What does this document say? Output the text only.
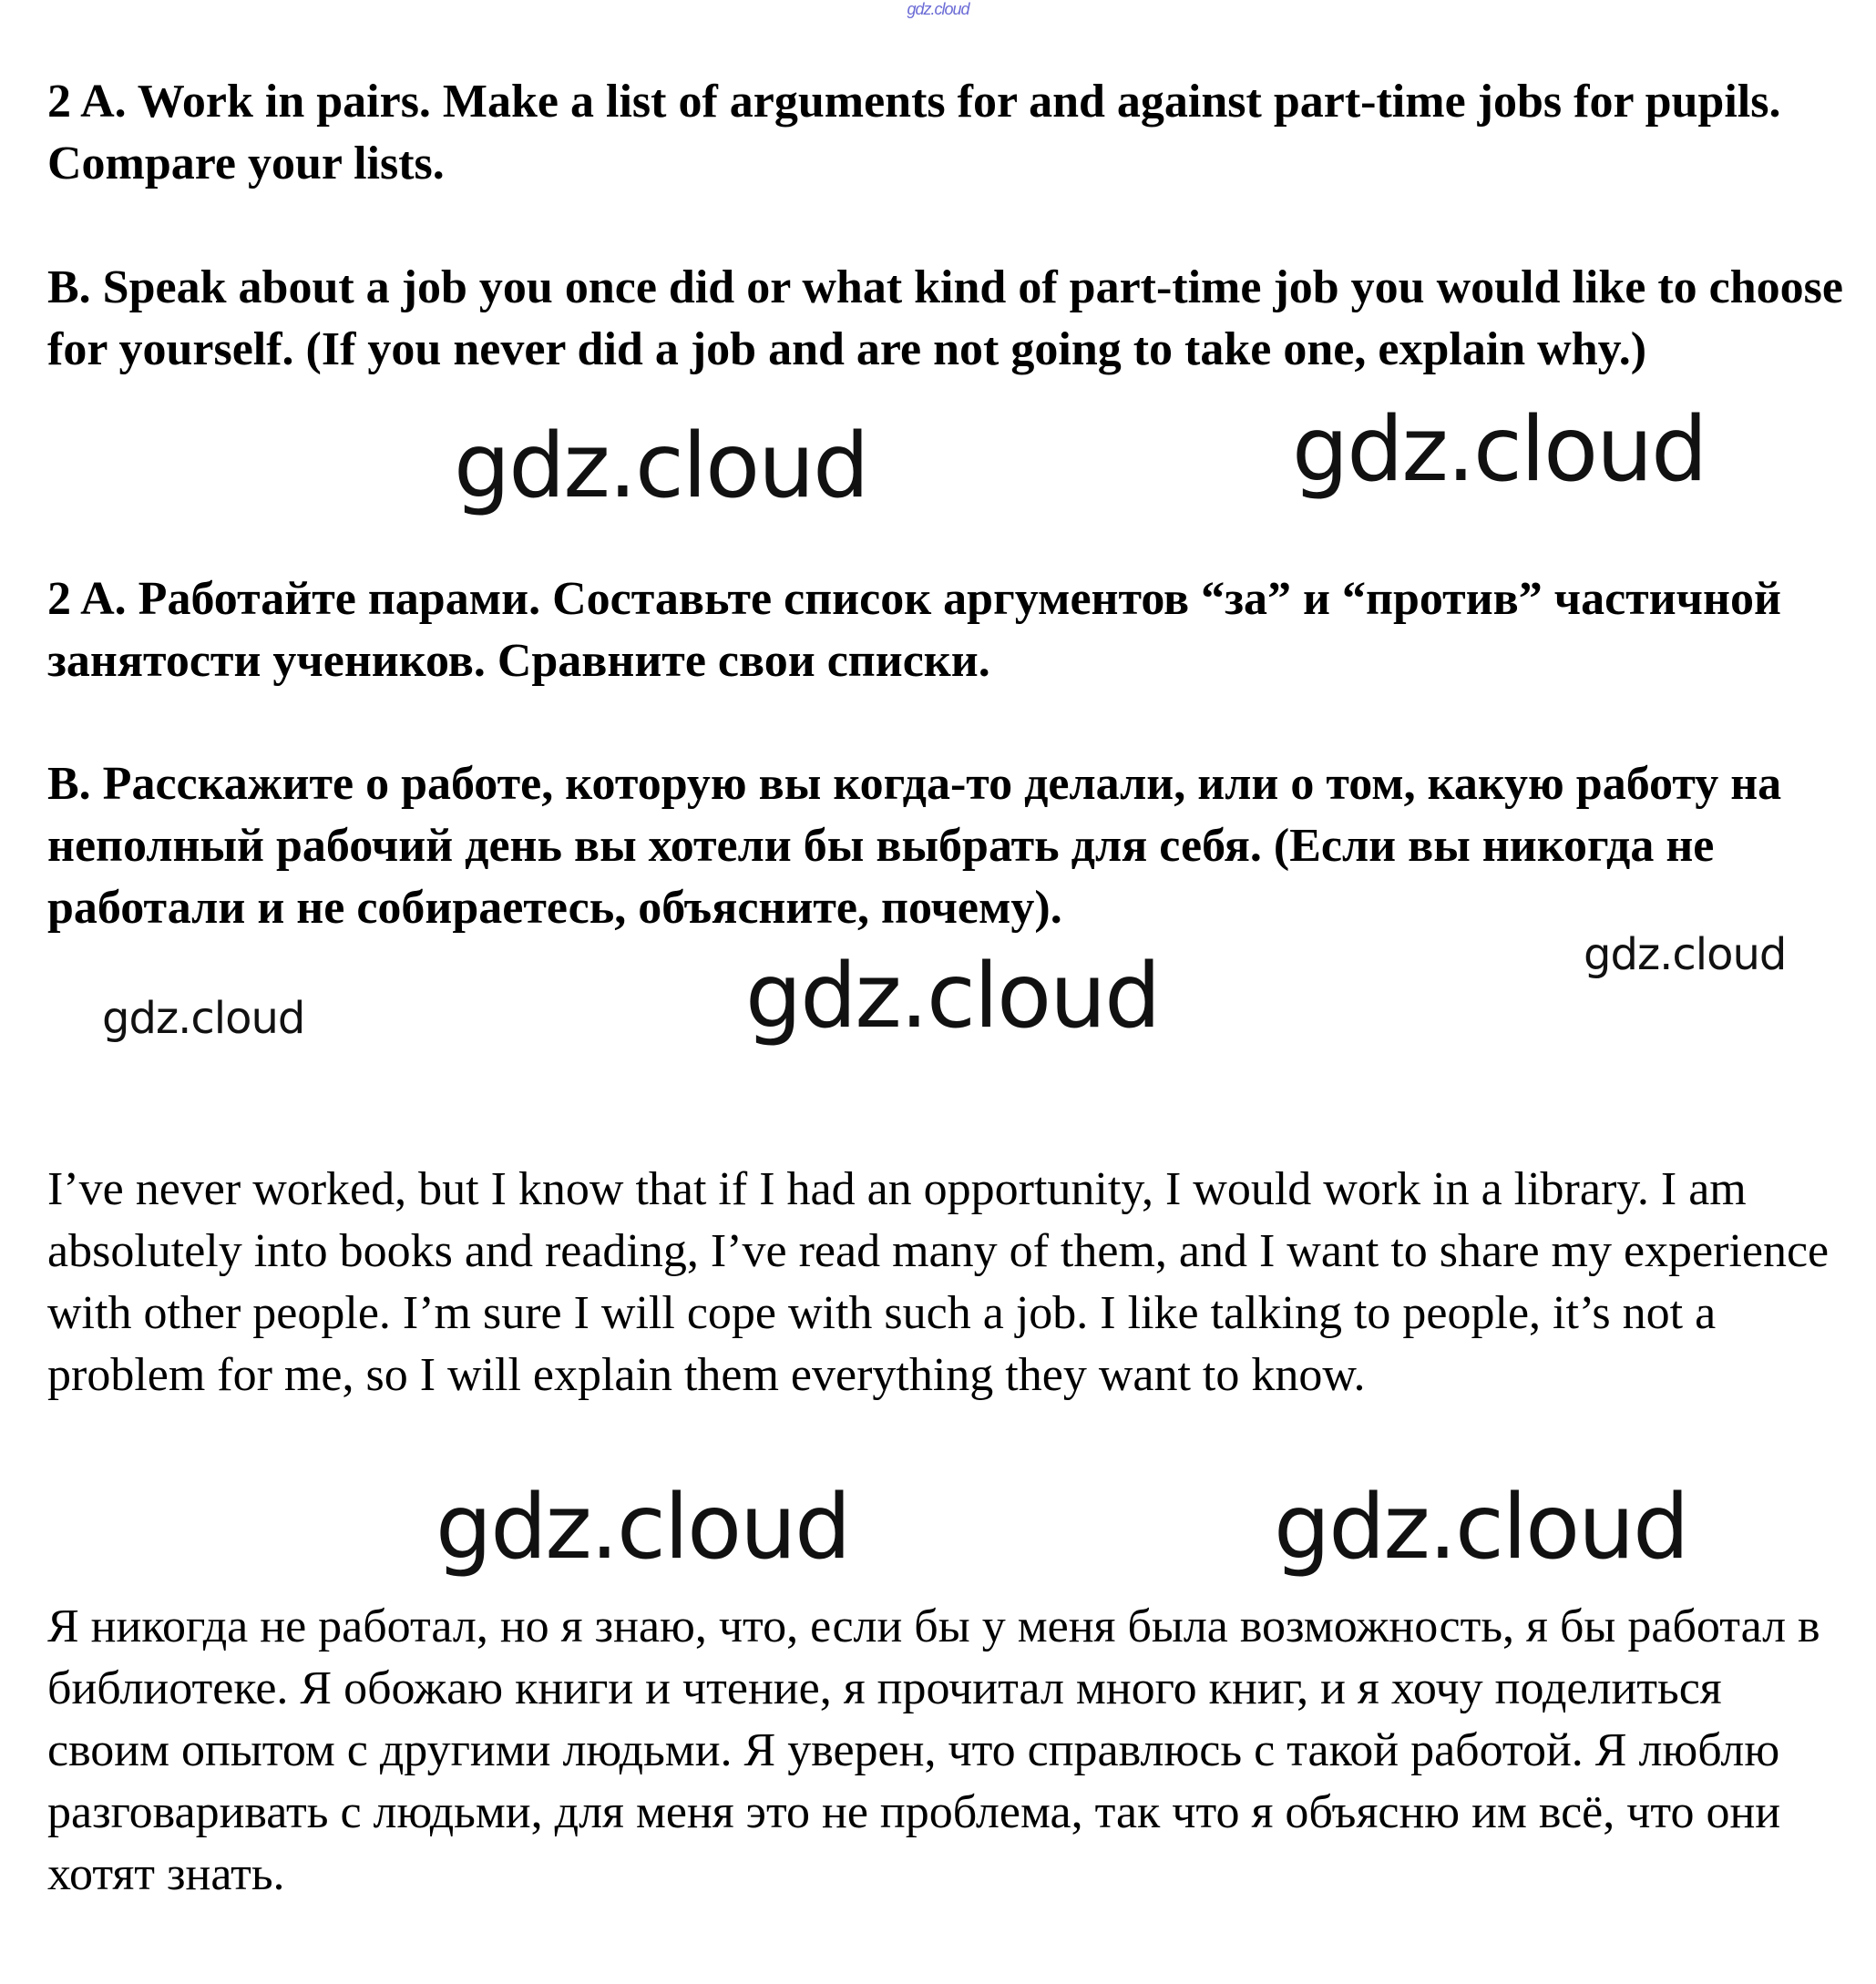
gdz.cloud

2 A. Work in pairs. Make a list of arguments for and against part-time jobs for pupils. Compare your lists.

B. Speak about a job you once did or what kind of part-time job you would like to choose for yourself. (If you never did a job and are not going to take one, explain why.)

gdz.cloud	gdz.cloud

2 A. Работайте парами. Составьте список аргументов “за” и “против” частичной занятости учеников. Сравните свои списки.

B. Расскажите о работе, которую вы когда-то делали, или о том, какую работу на неполный рабочий день вы хотели бы выбрать для себя. (Если вы никогда не работали и не собираетесь, объясните, почему).

gdz.cloud
gdz.cloud
gdz.cloud

I’ve never worked, but I know that if I had an opportunity, I would work in a library. I am absolutely into books and reading, I’ve read many of them, and I want to share my experience with other people. I’m sure I will cope with such a job. I like talking to people, it’s not a problem for me, so I will explain them everything they want to know.

gdz.cloud	gdz.cloud

Я никогда не работал, но я знаю, что, если бы у меня была возможность, я бы работал в библиотеке. Я обожаю книги и чтение, я прочитал много книг, и я хочу поделиться своим опытом с другими людьми. Я уверен, что справлюсь с такой работой. Я люблю разговаривать с людьми, для меня это не проблема, так что я объясню им всё, что они хотят знать.
